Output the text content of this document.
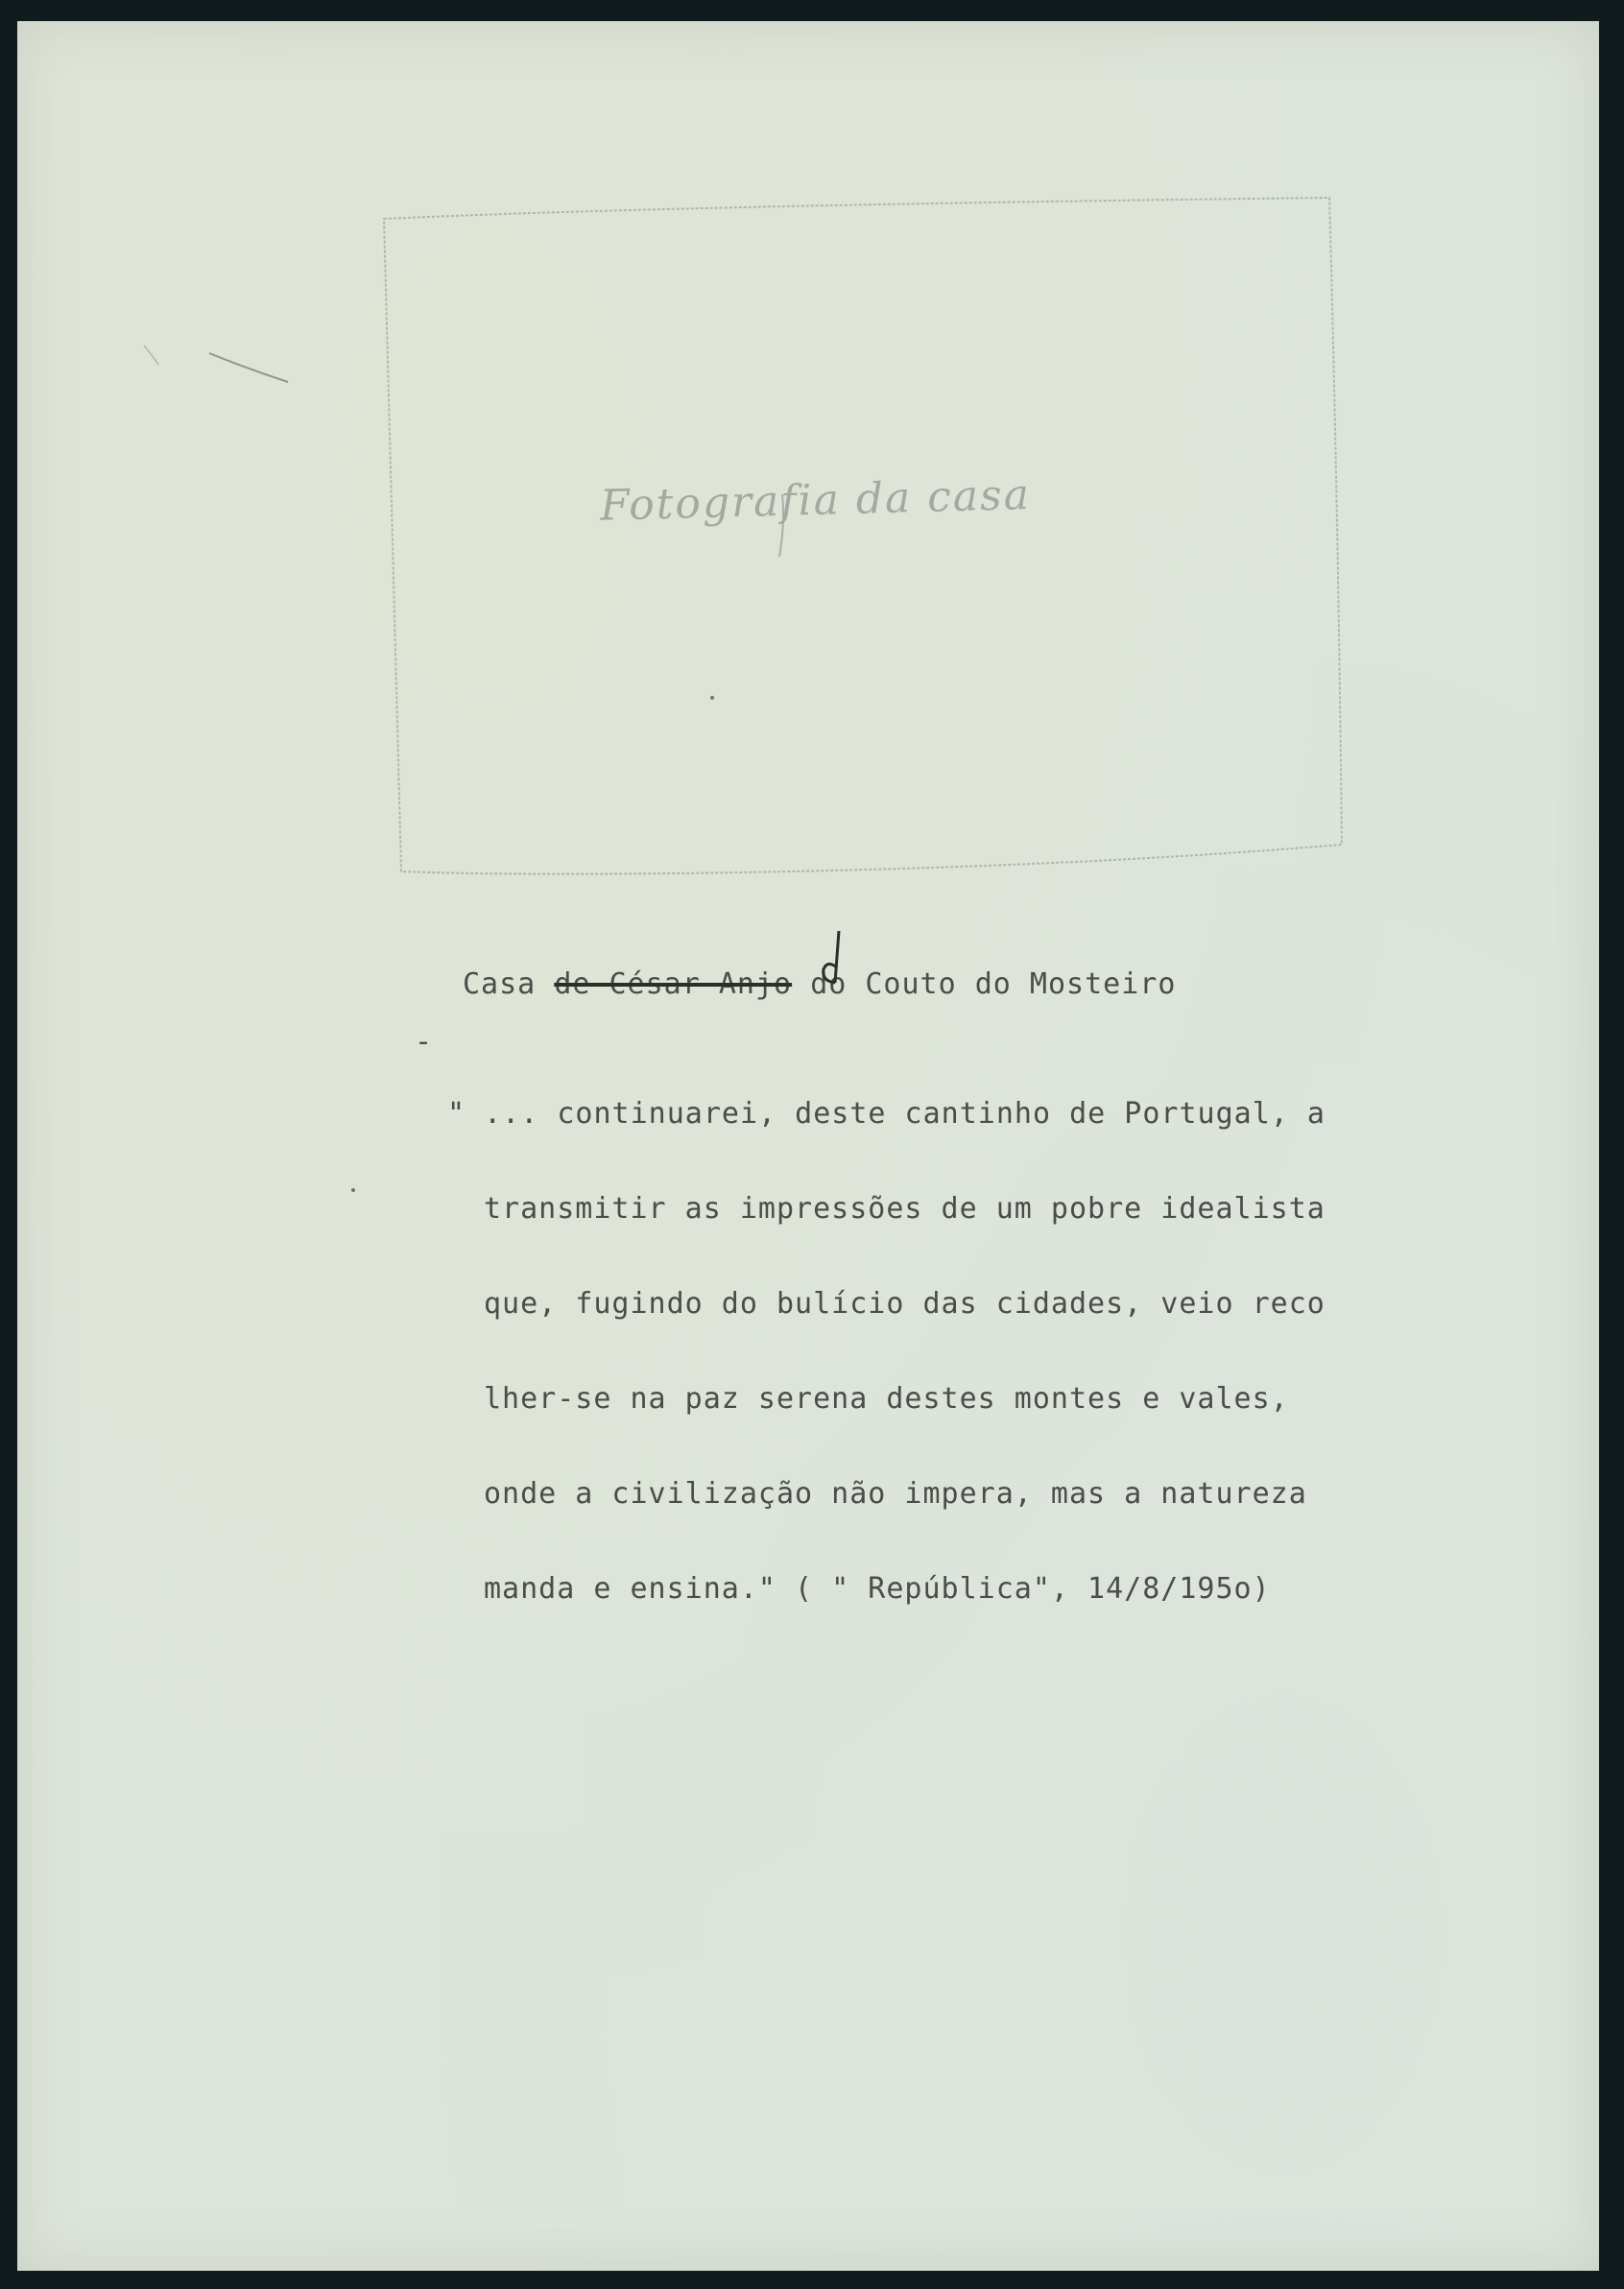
Fotografia da casa
Casa de César Anjo do Couto do Mosteiro
-

" ... continuarei, deste cantinho de Portugal, a

transmitir as impressões de um pobre idealista

que, fugindo do bulício das cidades, veio reco

lher-se na paz serena destes montes e vales,

onde a civilização não impera, mas a natureza

manda e ensina." ( " República", 14/8/195o)
